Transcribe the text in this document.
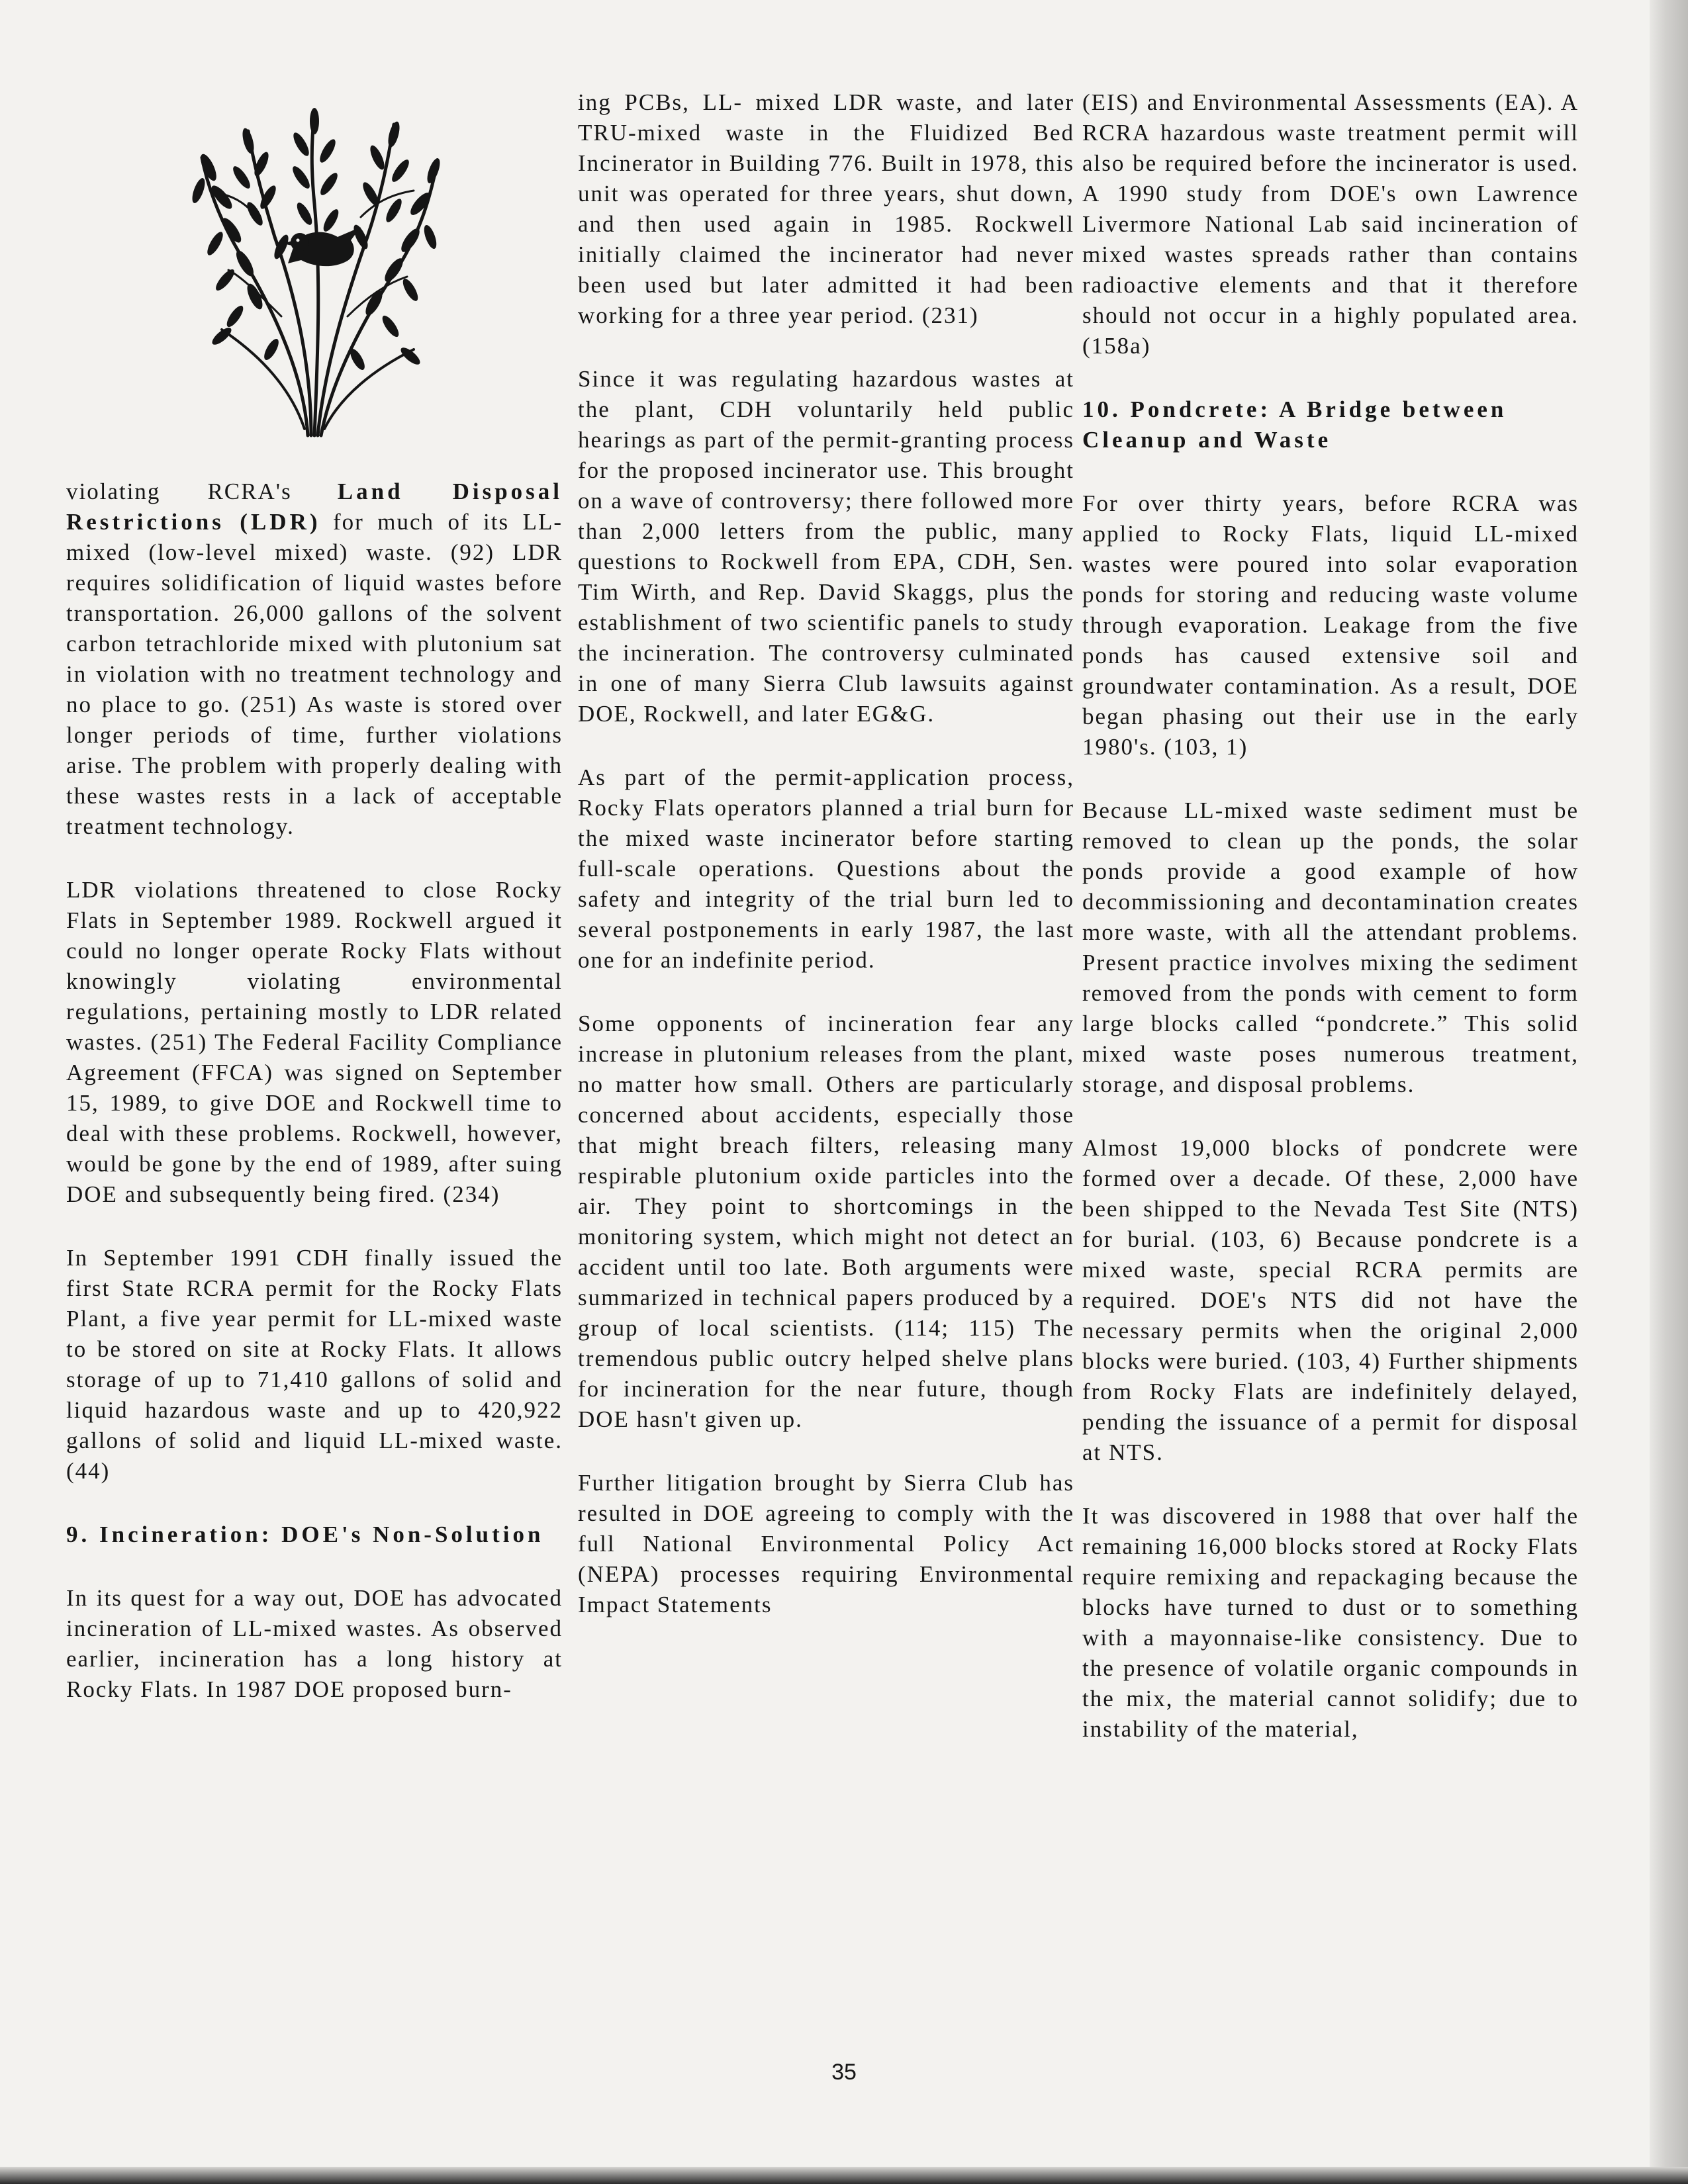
violating RCRA's Land Disposal Restrictions (LDR) for much of its LL-mixed (low-level mixed) waste. (92) LDR requires solidification of liquid wastes before transportation. 26,000 gallons of the solvent carbon tetrachloride mixed with plutonium sat in violation with no treatment technology and no place to go. (251) As waste is stored over longer periods of time, further violations arise. The problem with properly dealing with these wastes rests in a lack of acceptable treatment technology.

LDR violations threatened to close Rocky Flats in September 1989. Rockwell argued it could no longer operate Rocky Flats without knowingly violating environmental regulations, pertaining mostly to LDR related wastes. (251) The Federal Facility Compliance Agreement (FFCA) was signed on September 15, 1989, to give DOE and Rockwell time to deal with these problems. Rockwell, however, would be gone by the end of 1989, after suing DOE and subsequently being fired. (234)

In September 1991 CDH finally issued the first State RCRA permit for the Rocky Flats Plant, a five year permit for LL-mixed waste to be stored on site at Rocky Flats. It allows storage of up to 71,410 gallons of solid and liquid hazardous waste and up to 420,922 gallons of solid and liquid LL-mixed waste. (44)

9. Incineration: DOE's Non-Solution

In its quest for a way out, DOE has advocated incineration of LL-mixed wastes. As observed earlier, incineration has a long history at Rocky Flats. In 1987 DOE proposed burn-

ing PCBs, LL- mixed LDR waste, and later TRU-mixed waste in the Fluidized Bed Incinerator in Building 776. Built in 1978, this unit was operated for three years, shut down, and then used again in 1985. Rockwell initially claimed the incinerator had never been used but later admitted it had been working for a three year period. (231)

Since it was regulating hazardous wastes at the plant, CDH voluntarily held public hearings as part of the permit-granting process for the proposed incinerator use. This brought on a wave of controversy; there followed more than 2,000 letters from the public, many questions to Rockwell from EPA, CDH, Sen. Tim Wirth, and Rep. David Skaggs, plus the establishment of two scientific panels to study the incineration. The controversy culminated in one of many Sierra Club lawsuits against DOE, Rockwell, and later EG&G.

As part of the permit-application process, Rocky Flats operators planned a trial burn for the mixed waste incinerator before starting full-scale operations. Questions about the safety and integrity of the trial burn led to several postponements in early 1987, the last one for an indefinite period.

Some opponents of incineration fear any increase in plutonium releases from the plant, no matter how small. Others are particularly concerned about accidents, especially those that might breach filters, releasing many respirable plutonium oxide particles into the air. They point to shortcomings in the monitoring system, which might not detect an accident until too late. Both arguments were summarized in technical papers produced by a group of local scientists. (114; 115) The tremendous public outcry helped shelve plans for incineration for the near future, though DOE hasn't given up.

Further litigation brought by Sierra Club has resulted in DOE agreeing to comply with the full National Environmental Policy Act (NEPA) processes requiring Environmental Impact Statements

(EIS) and Environmental Assessments (EA). A RCRA hazardous waste treatment permit will also be required before the incinerator is used. A 1990 study from DOE's own Lawrence Livermore National Lab said incineration of mixed wastes spreads rather than contains radioactive elements and that it therefore should not occur in a highly populated area. (158a)

10. Pondcrete: A Bridge between Cleanup and Waste

For over thirty years, before RCRA was applied to Rocky Flats, liquid LL-mixed wastes were poured into solar evaporation ponds for storing and reducing waste volume through evaporation. Leakage from the five ponds has caused extensive soil and groundwater contamination. As a result, DOE began phasing out their use in the early 1980's. (103, 1)

Because LL-mixed waste sediment must be removed to clean up the ponds, the solar ponds provide a good example of how decommissioning and decontamination creates more waste, with all the attendant problems. Present practice involves mixing the sediment removed from the ponds with cement to form large blocks called “pondcrete.” This solid mixed waste poses numerous treatment, storage, and disposal problems.

Almost 19,000 blocks of pondcrete were formed over a decade. Of these, 2,000 have been shipped to the Nevada Test Site (NTS) for burial. (103, 6) Because pondcrete is a mixed waste, special RCRA permits are required. DOE's NTS did not have the necessary permits when the original 2,000 blocks were buried. (103, 4) Further shipments from Rocky Flats are indefinitely delayed, pending the issuance of a permit for disposal at NTS.

It was discovered in 1988 that over half the remaining 16,000 blocks stored at Rocky Flats require remixing and repackaging because the blocks have turned to dust or to something with a mayonnaise-like consistency. Due to the presence of volatile organic compounds in the mix, the material cannot solidify; due to instability of the material,

35
